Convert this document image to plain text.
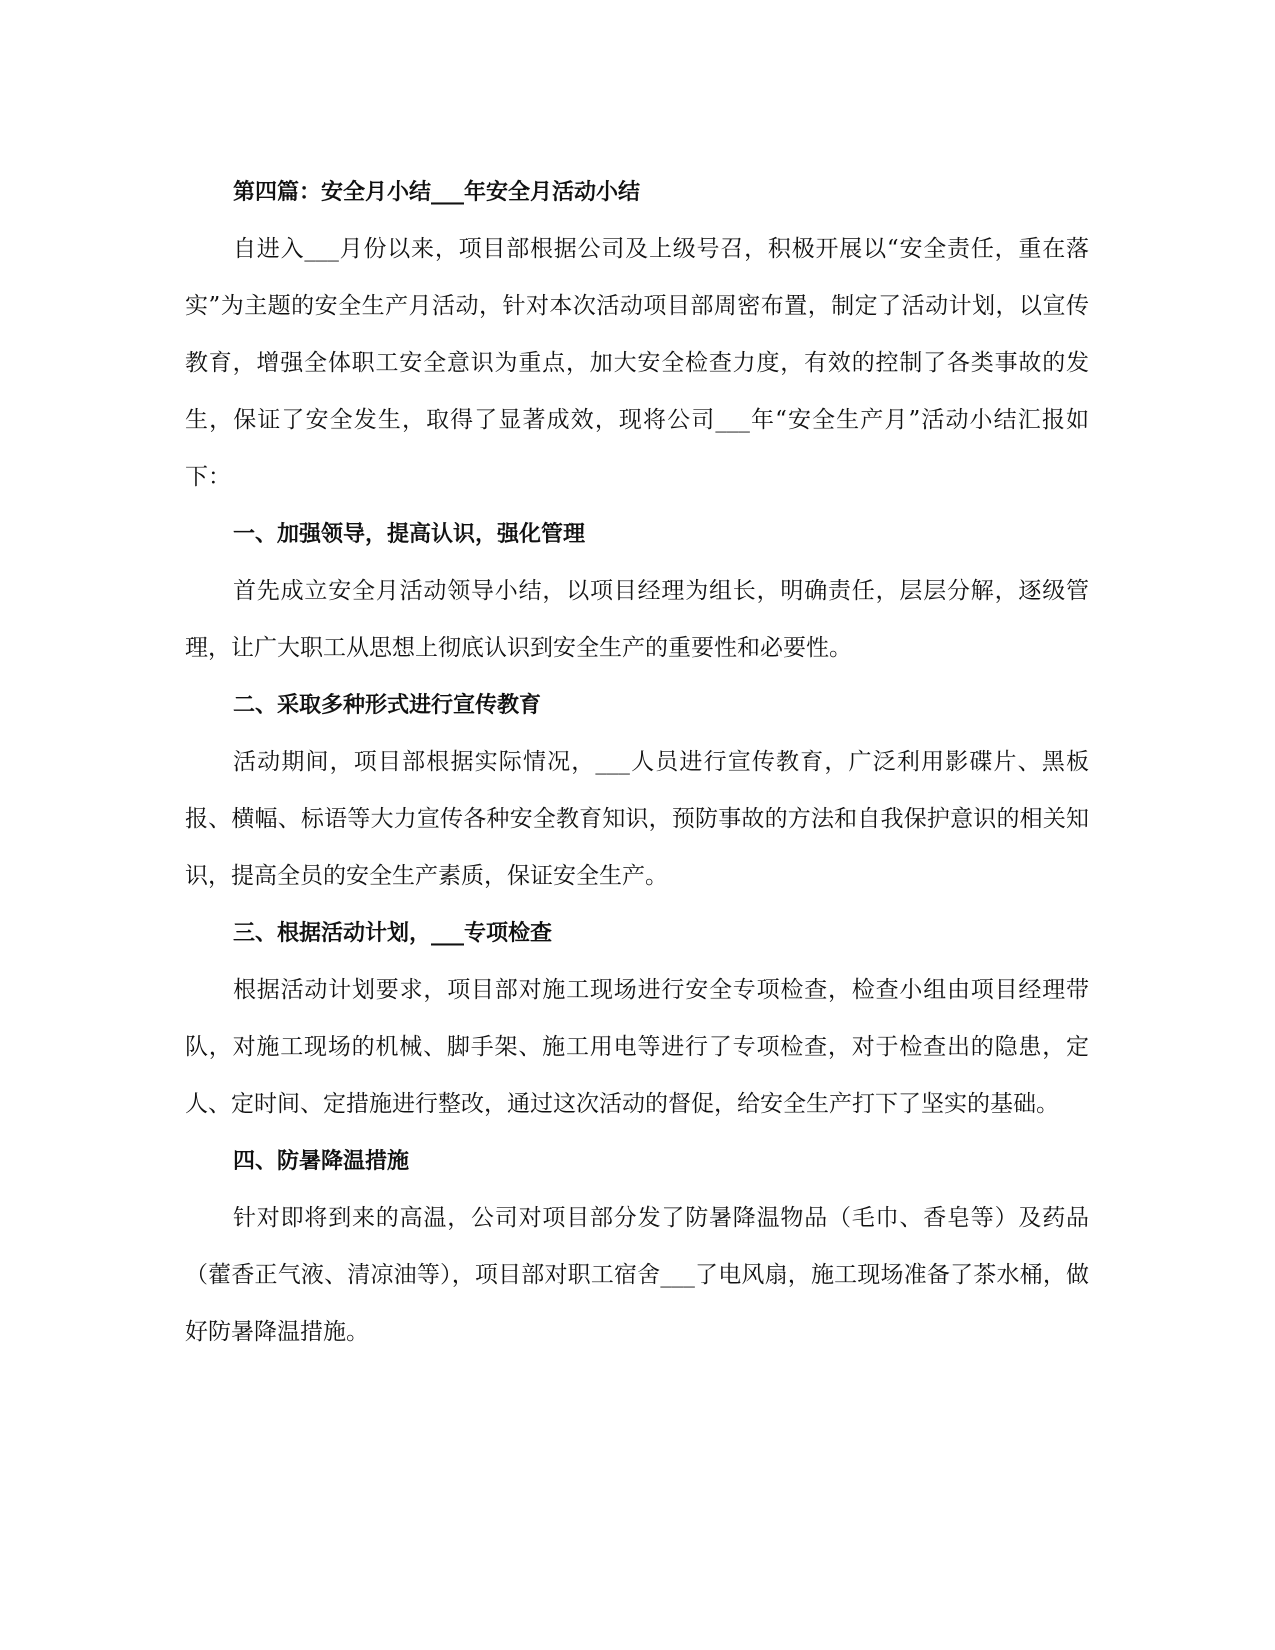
第四篇：安全月小结___年安全月活动小结

自进入___月份以来，项目部根据公司及上级号召，积极开展以“安全责任，重在落实”为主题的安全生产月活动，针对本次活动项目部周密布置，制定了活动计划，以宣传教育，增强全体职工安全意识为重点，加大安全检查力度，有效的控制了各类事故的发生，保证了安全发生，取得了显著成效，现将公司___年“安全生产月”活动小结汇报如下：

一、加强领导，提高认识，强化管理

首先成立安全月活动领导小结，以项目经理为组长，明确责任，层层分解，逐级管理，让广大职工从思想上彻底认识到安全生产的重要性和必要性。

二、采取多种形式进行宣传教育

活动期间，项目部根据实际情况，___人员进行宣传教育，广泛利用影碟片、黑板报、横幅、标语等大力宣传各种安全教育知识，预防事故的方法和自我保护意识的相关知识，提高全员的安全生产素质，保证安全生产。

三、根据活动计划，___专项检查

根据活动计划要求，项目部对施工现场进行安全专项检查，检查小组由项目经理带队，对施工现场的机械、脚手架、施工用电等进行了专项检查，对于检查出的隐患，定人、定时间、定措施进行整改，通过这次活动的督促，给安全生产打下了坚实的基础。

四、防暑降温措施

针对即将到来的高温，公司对项目部分发了防暑降温物品（毛巾、香皂等）及药品（藿香正气液、清凉油等），项目部对职工宿舍___了电风扇，施工现场准备了茶水桶，做好防暑降温措施。
